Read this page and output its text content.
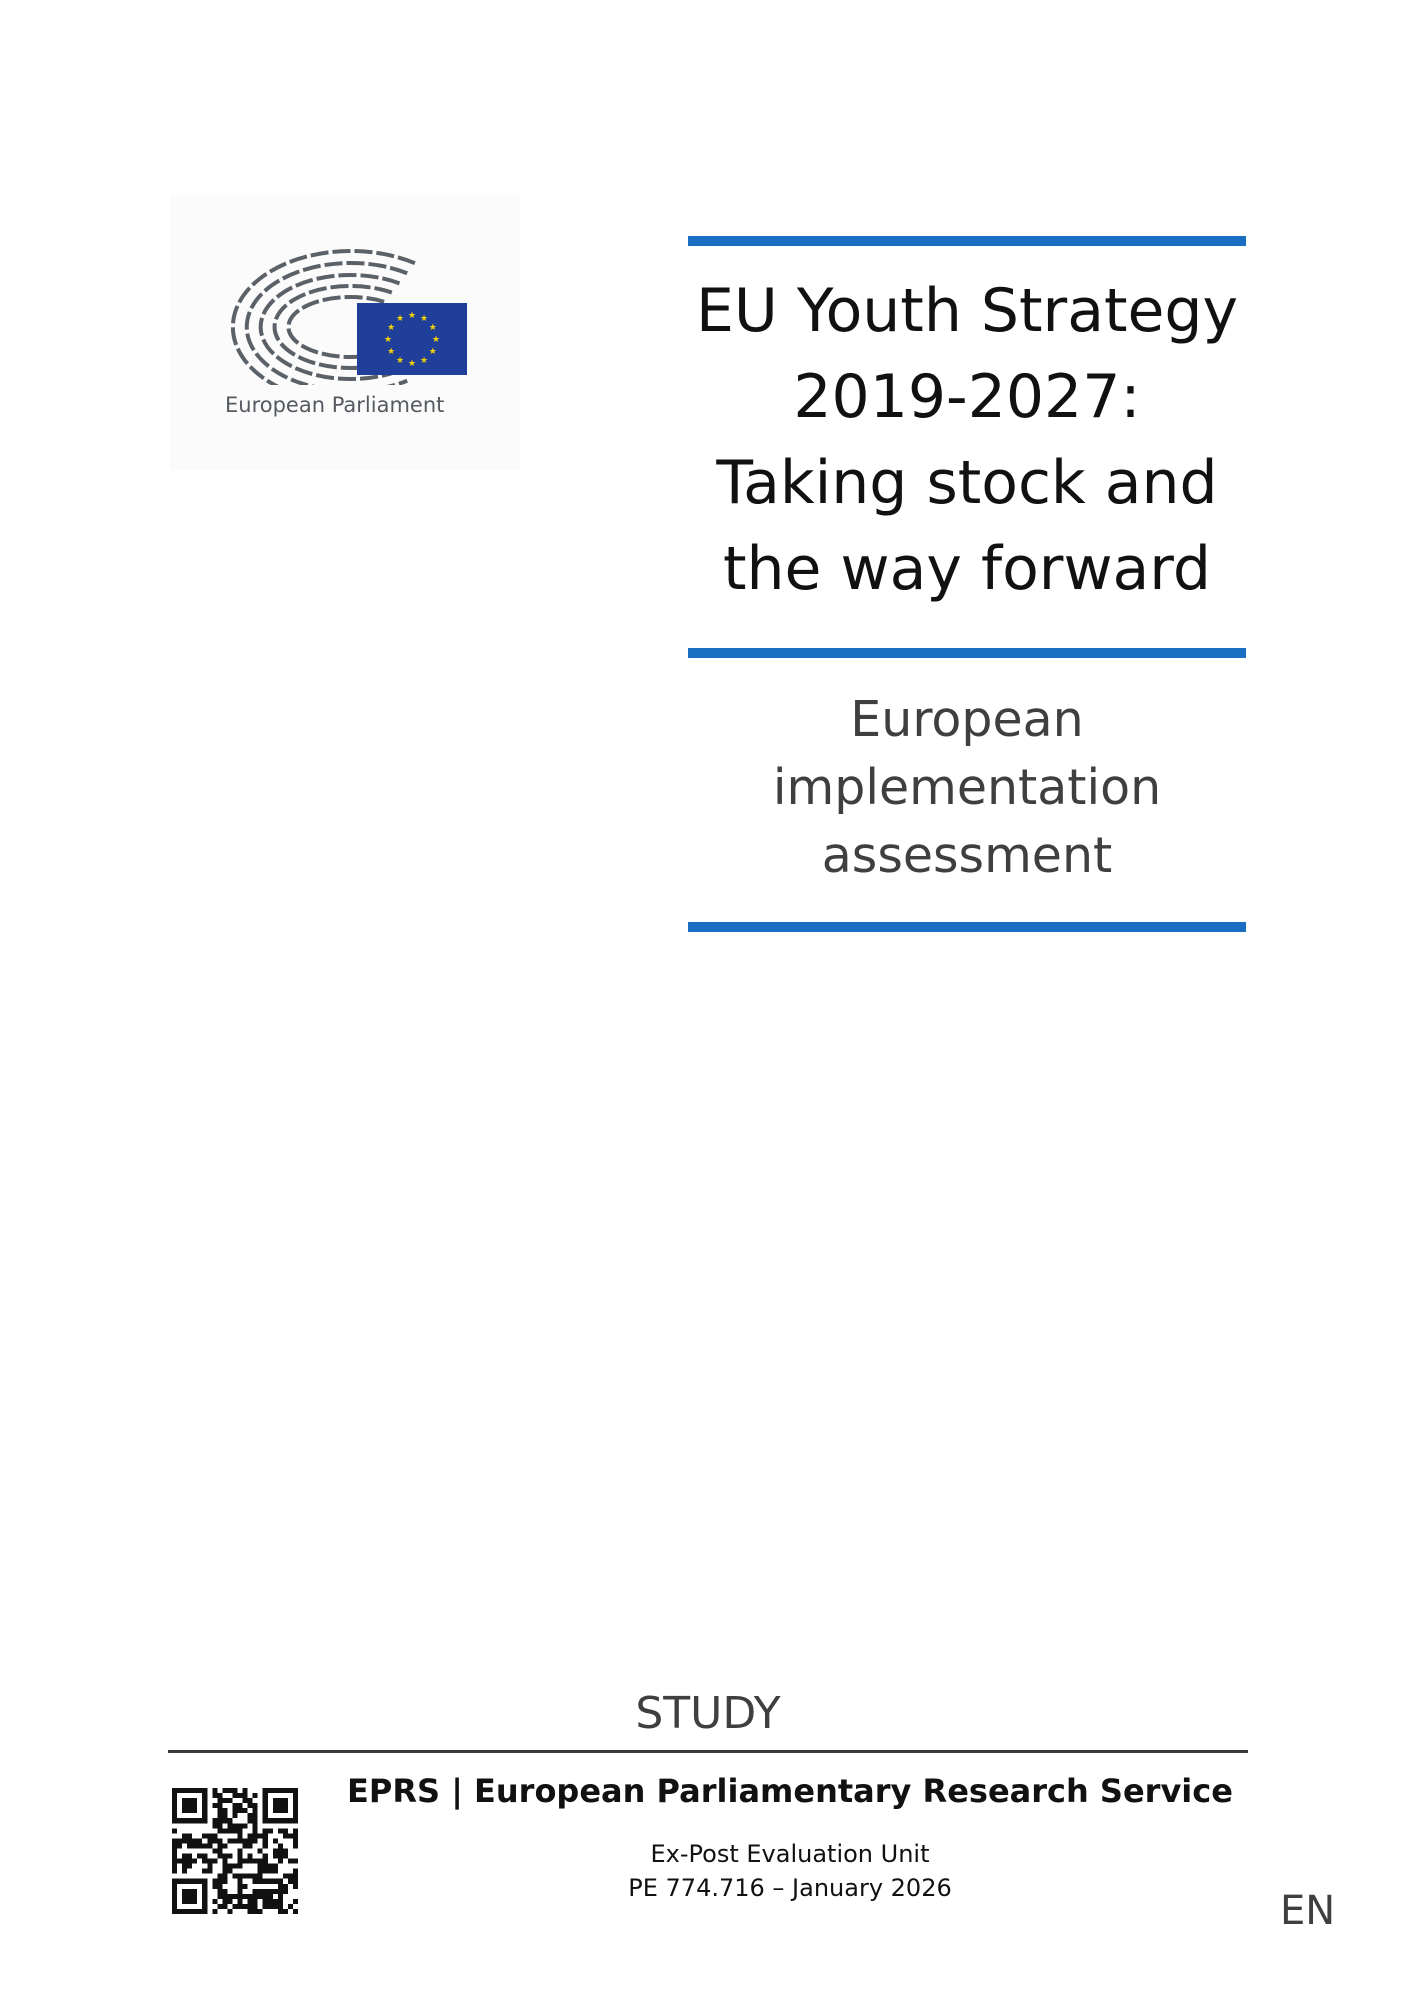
★ ★
★
★
★
★
★
★
★
★
★
★
European Parliament
EU Youth Strategy
2019-2027:
Taking stock and
the way forward
European
implementation
assessment
STUDY
EPRS | European Parliamentary Research Service
Ex-Post Evaluation Unit
PE 774.716 – January 2026	EN
